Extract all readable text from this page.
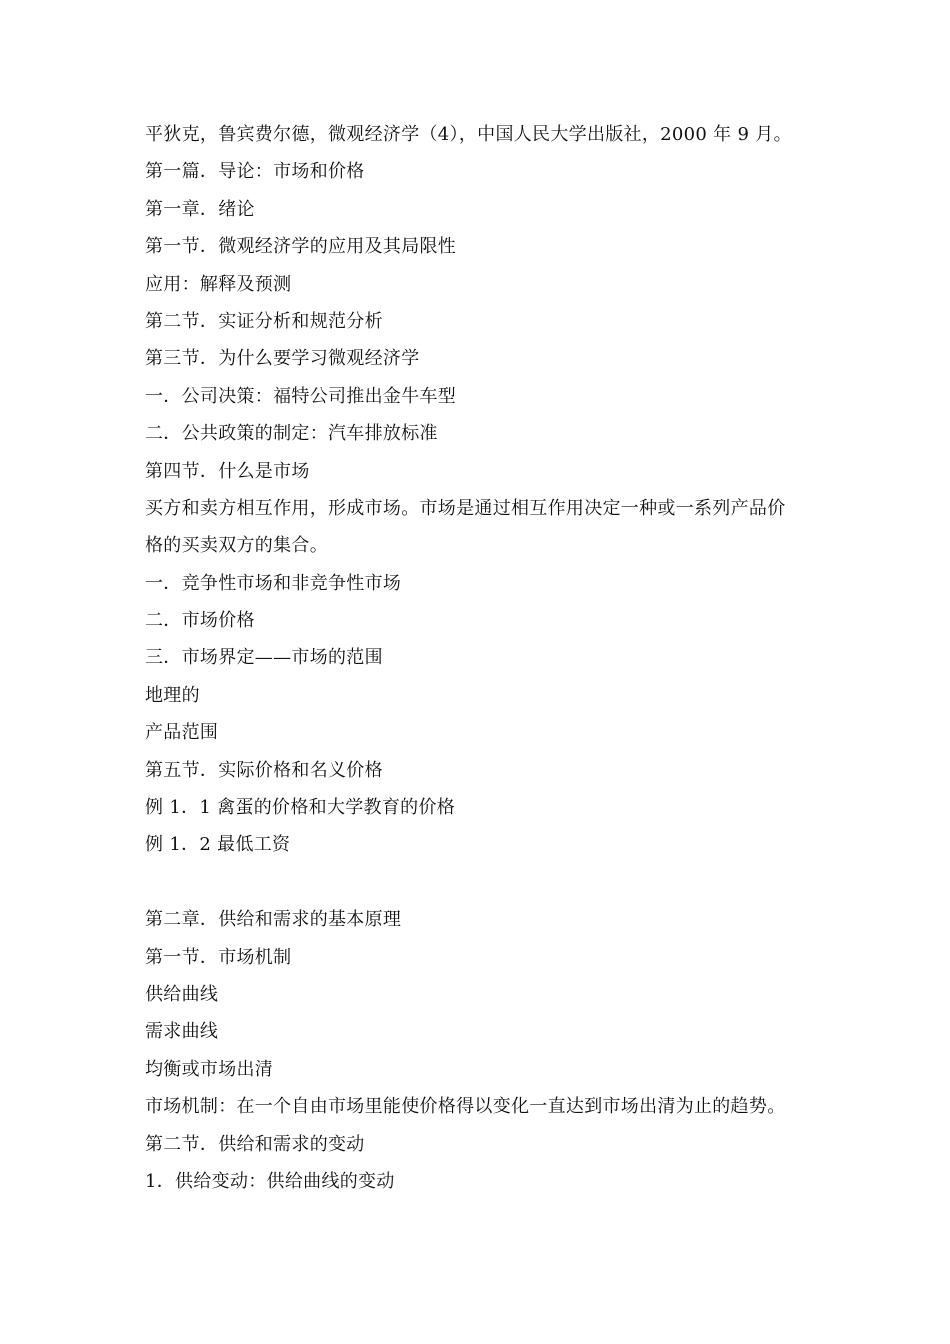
平狄克，鲁宾费尔德，微观经济学（4），中国人民大学出版社，2000 年 9 月。
第一篇．导论：市场和价格
第一章．绪论
第一节．微观经济学的应用及其局限性
应用：解释及预测
第二节．实证分析和规范分析
第三节．为什么要学习微观经济学
一．公司决策：福特公司推出金牛车型
二．公共政策的制定：汽车排放标准
第四节．什么是市场
买方和卖方相互作用，形成市场。市场是通过相互作用决定一种或一系列产品价
格的买卖双方的集合。
一．竞争性市场和非竞争性市场
二．市场价格
三．市场界定——市场的范围
地理的
产品范围
第五节．实际价格和名义价格
例 1．1 禽蛋的价格和大学教育的价格
例 1．2 最低工资
第二章．供给和需求的基本原理
第一节．市场机制
供给曲线
需求曲线
均衡或市场出清
市场机制：在一个自由市场里能使价格得以变化一直达到市场出清为止的趋势。
第二节．供给和需求的变动
1．供给变动：供给曲线的变动
